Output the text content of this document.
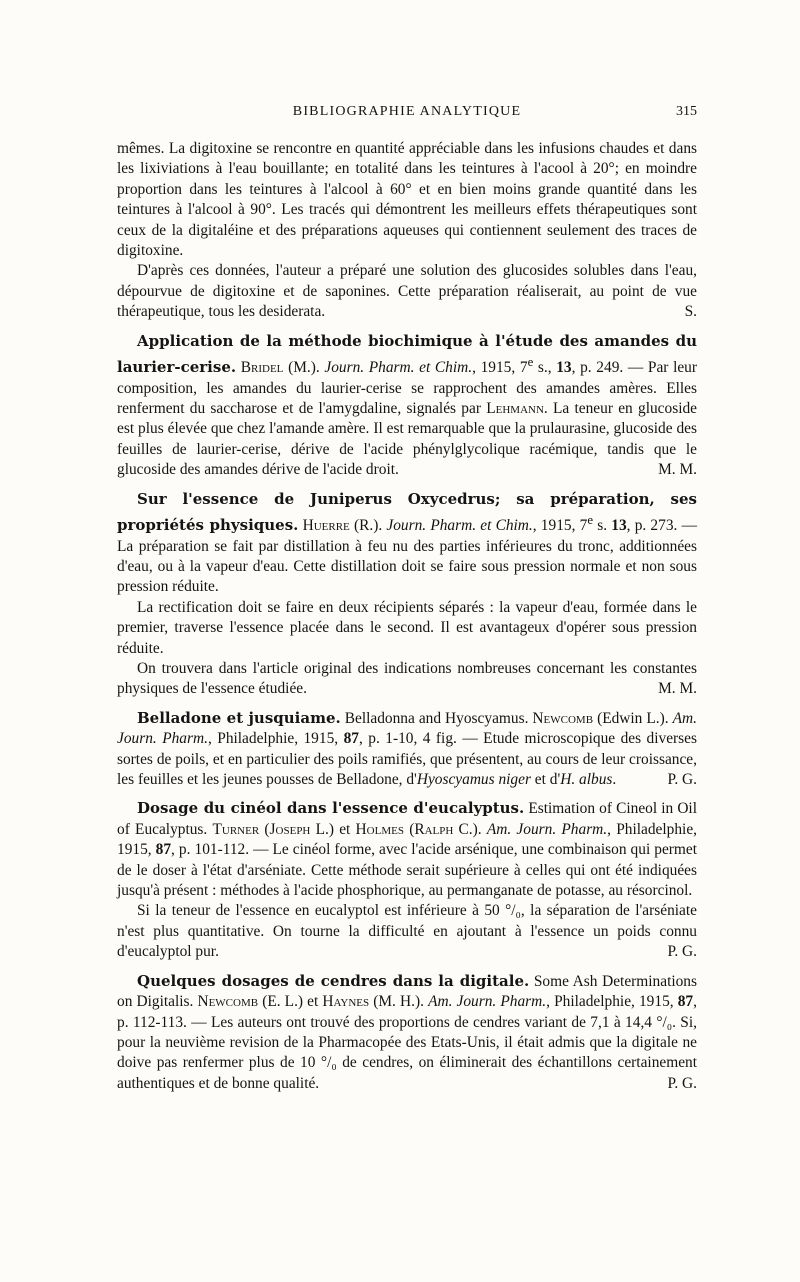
BIBLIOGRAPHIE ANALYTIQUE	315

mêmes. La digitoxine se rencontre en quantité appréciable dans les infusions chaudes et dans les lixiviations à l'eau bouillante; en totalité dans les teintures à l'acool à 20°; en moindre proportion dans les teintures à l'alcool à 60° et en bien moins grande quantité dans les teintures à l'alcool à 90°. Les tracés qui démontrent les meilleurs effets thérapeutiques sont ceux de la digitaléine et des préparations aqueuses qui contiennent seulement des traces de digitoxine.

D'après ces données, l'auteur a préparé une solution des glucosides solubles dans l'eau, dépourvue de digitoxine et de saponines. Cette préparation réaliserait, au point de vue thérapeutique, tous les desiderata.	S.

Application de la méthode biochimique à l'étude des amandes du laurier-cerise. Bridel (M.). Journ. Pharm. et Chim., 1915, 7e s., 13, p. 249. — Par leur composition, les amandes du laurier-cerise se rapprochent des amandes amères. Elles renferment du saccharose et de l'amygdaline, signalés par Lehmann. La teneur en glucoside est plus élevée que chez l'amande amère. Il est remarquable que la prulaurasine, glucoside des feuilles de laurier-cerise, dérive de l'acide phénylglycolique racémique, tandis que le glucoside des amandes dérive de l'acide droit.	M. M.

Sur l'essence de Juniperus Oxycedrus; sa préparation, ses propriétés physiques. Huerre (R.). Journ. Pharm. et Chim., 1915, 7e s. 13, p. 273. — La préparation se fait par distillation à feu nu des parties inférieures du tronc, additionnées d'eau, ou à la vapeur d'eau. Cette distillation doit se faire sous pression normale et non sous pression réduite.

La rectification doit se faire en deux récipients séparés : la vapeur d'eau, formée dans le premier, traverse l'essence placée dans le second. Il est avantageux d'opérer sous pression réduite.

On trouvera dans l'article original des indications nombreuses concernant les constantes physiques de l'essence étudiée.	M. M.

Belladone et jusquiame. Belladonna and Hyoscyamus. Newcomb (Edwin L.). Am. Journ. Pharm., Philadelphie, 1915, 87, p. 1-10, 4 fig. — Etude microscopique des diverses sortes de poils, et en particulier des poils ramifiés, que présentent, au cours de leur croissance, les feuilles et les jeunes pousses de Belladone, d'Hyoscyamus niger et d'H. albus.	P. G.

Dosage du cinéol dans l'essence d'eucalyptus. Estimation of Cineol in Oil of Eucalyptus. Turner (Joseph L.) et Holmes (Ralph C.). Am. Journ. Pharm., Philadelphie, 1915, 87, p. 101-112. — Le cinéol forme, avec l'acide arsénique, une combinaison qui permet de le doser à l'état d'arséniate. Cette méthode serait supérieure à celles qui ont été indiquées jusqu'à présent : méthodes à l'acide phosphorique, au permanganate de potasse, au résorcinol.

Si la teneur de l'essence en eucalyptol est inférieure à 50 °/₀, la séparation de l'arséniate n'est plus quantitative. On tourne la difficulté en ajoutant à l'essence un poids connu d'eucalyptol pur.	P. G.

Quelques dosages de cendres dans la digitale. Some Ash Determinations on Digitalis. Newcomb (E. L.) et Haynes (M. H.). Am. Journ. Pharm., Philadelphie, 1915, 87, p. 112-113. — Les auteurs ont trouvé des proportions de cendres variant de 7,1 à 14,4 °/₀. Si, pour la neuvième revision de la Pharmacopée des Etats-Unis, il était admis que la digitale ne doive pas renfermer plus de 10 °/₀ de cendres, on éliminerait des échantillons certainement authentiques et de bonne qualité.	P. G.
